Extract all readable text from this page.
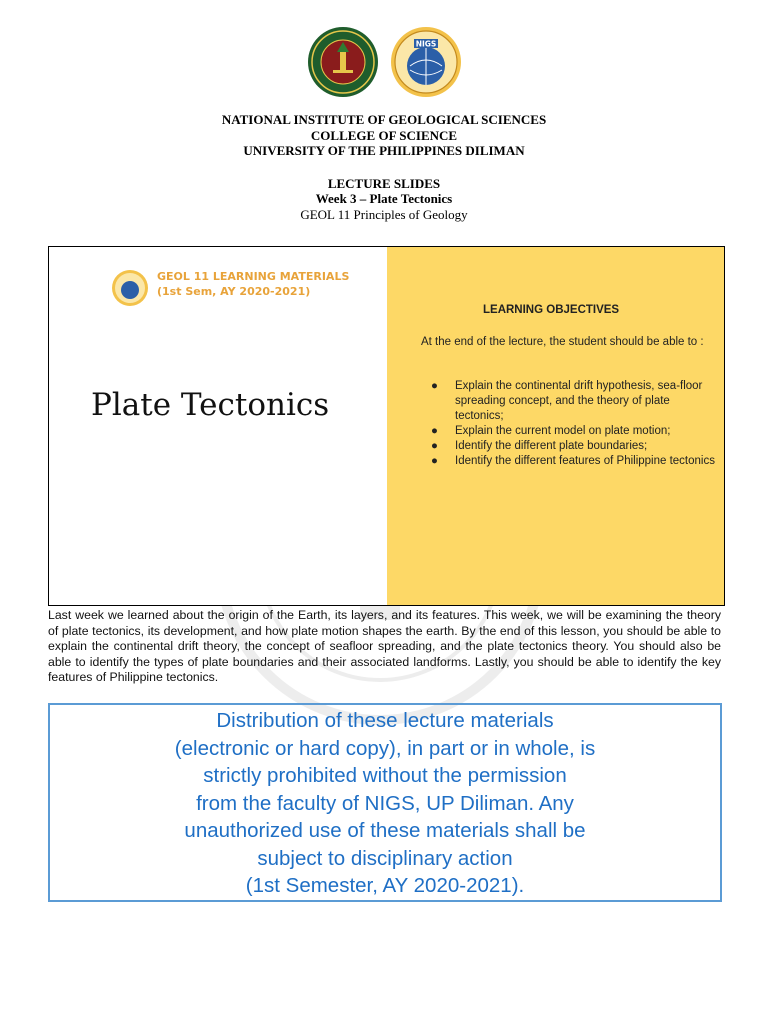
NIGS
NATIONAL INSTITUTE OF GEOLOGICAL SCIENCES
COLLEGE OF SCIENCE
UNIVERSITY OF THE PHILIPPINES DILIMAN
LECTURE SLIDES
Week 3 – Plate Tectonics
GEOL 11 Principles of Geology
GEOL 11 LEARNING MATERIALS
(1st Sem, AY 2020-2021)
Plate Tectonics
LEARNING OBJECTIVES
At the end of the lecture, the student should be able to :
● Explain the continental drift hypothesis, sea-floor spreading concept, and the theory of plate tectonics;
● Explain the current model on plate motion;
● Identify the different plate boundaries;
● Identify the different features of Philippine tectonics
Last week we learned about the origin of the Earth, its layers, and its features. This week, we will be examining the theory of plate tectonics, its development, and how plate motion shapes the earth. By the end of this lesson, you should be able to explain the continental drift theory, the concept of seafloor spreading, and the plate tectonics theory. You should also be able to identify the types of plate boundaries and their associated landforms. Lastly, you should be able to identify the key features of Philippine tectonics.
Distribution of these lecture materials
(electronic or hard copy), in part or in whole, is
strictly prohibited without the permission
from the faculty of NIGS, UP Diliman. Any
unauthorized use of these materials shall be
subject to disciplinary action
(1st Semester, AY 2020-2021).
